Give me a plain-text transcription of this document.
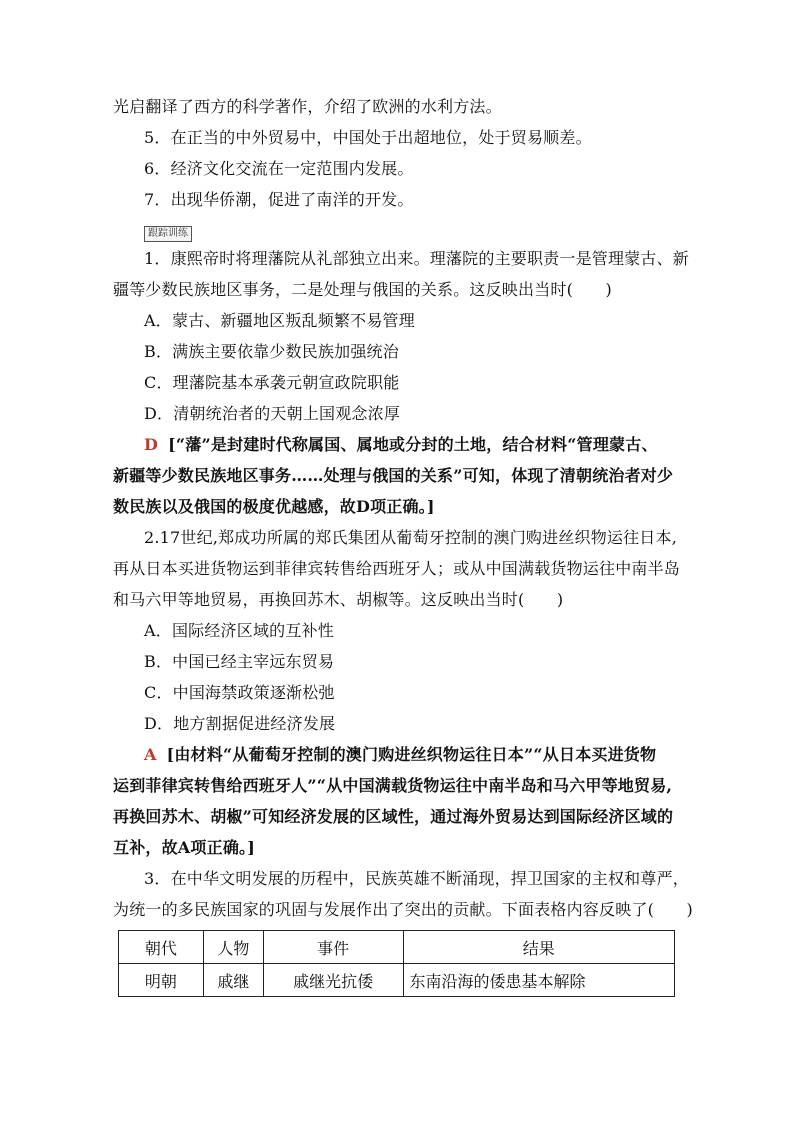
光启翻译了西方的科学著作，介绍了欧洲的水利方法。
5．在正当的中外贸易中，中国处于出超地位，处于贸易顺差。
6．经济文化交流在一定范围内发展。
7．出现华侨潮，促进了南洋的开发。
跟踪训练
1．康熙帝时将理藩院从礼部独立出来。理藩院的主要职责一是管理蒙古、新
疆等少数民族地区事务，二是处理与俄国的关系。这反映出当时(　　)
A．蒙古、新疆地区叛乱频繁不易管理
B．满族主要依靠少数民族加强统治
C．理藩院基本承袭元朝宣政院职能
D．清朝统治者的天朝上国观念浓厚
D [“藩”是封建时代称属国、属地或分封的土地，结合材料“管理蒙古、
新疆等少数民族地区事务……处理与俄国的关系”可知，体现了清朝统治者对少
数民族以及俄国的极度优越感，故D项正确。]
2.17世纪,郑成功所属的郑氏集团从葡萄牙控制的澳门购进丝织物运往日本,
再从日本买进货物运到菲律宾转售给西班牙人；或从中国满载货物运往中南半岛
和马六甲等地贸易，再换回苏木、胡椒等。这反映出当时(　　)
A．国际经济区域的互补性
B．中国已经主宰远东贸易
C．中国海禁政策逐渐松弛
D．地方割据促进经济发展
A [由材料“从葡萄牙控制的澳门购进丝织物运往日本”“从日本买进货物
运到菲律宾转售给西班牙人”“从中国满载货物运往中南半岛和马六甲等地贸易,
再换回苏木、胡椒”可知经济发展的区域性，通过海外贸易达到国际经济区域的
互补，故A项正确。]
3．在中华文明发展的历程中，民族英雄不断涌现，捍卫国家的主权和尊严，
为统一的多民族国家的巩固与发展作出了突出的贡献。下面表格内容反映了(　　)
朝代	人物	事件	结果
明朝	戚继	戚继光抗倭	东南沿海的倭患基本解除
